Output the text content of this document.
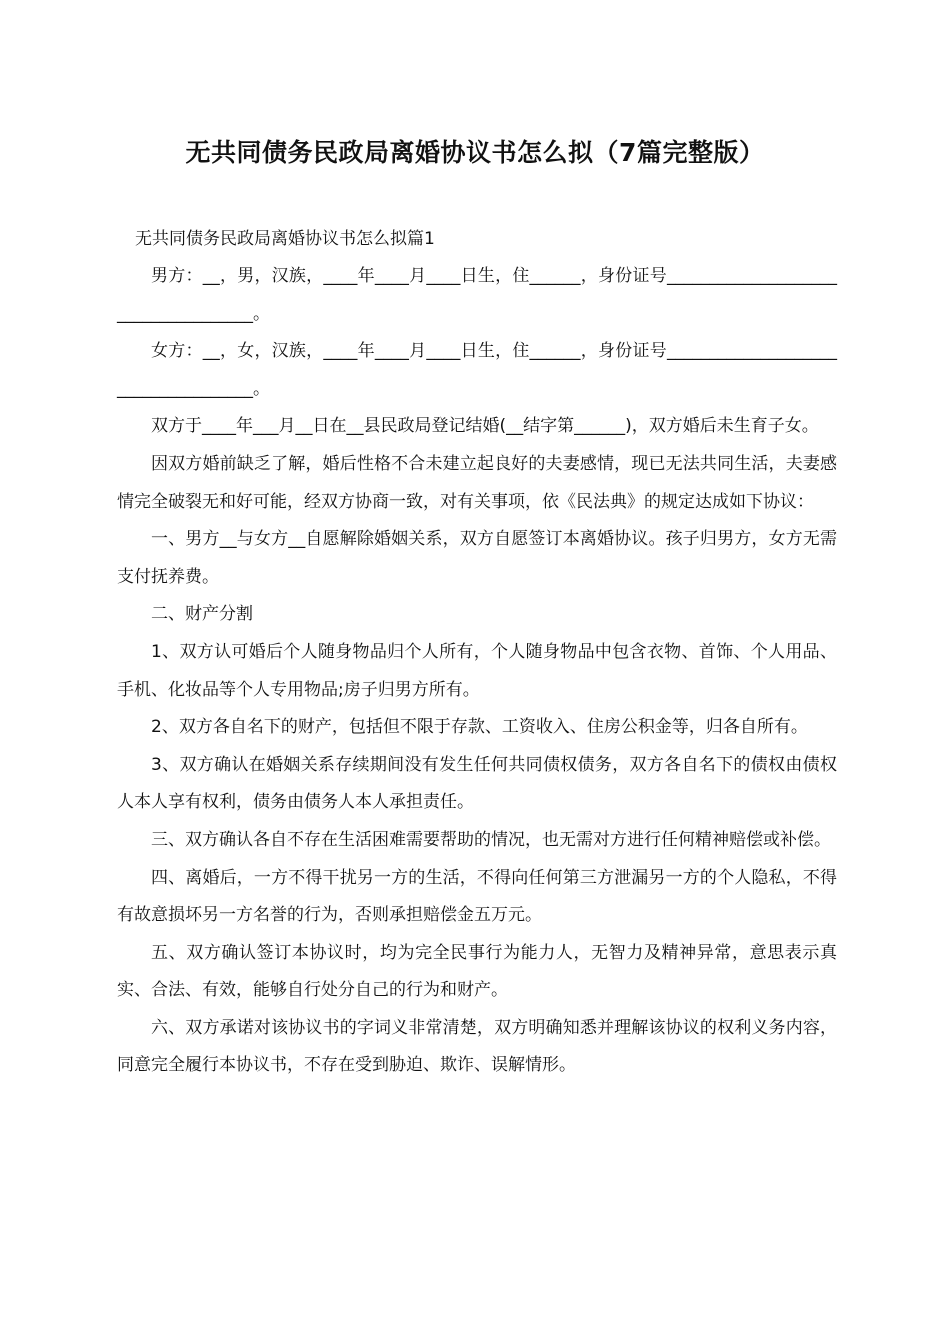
无共同债务民政局离婚协议书怎么拟（7篇完整版）
无共同债务民政局离婚协议书怎么拟篇1

男方：__，男，汉族，____年____月____日生，住______，身份证号____________________________________。

女方：__，女，汉族，____年____月____日生，住______，身份证号____________________________________。

双方于____年___月__日在__县民政局登记结婚(__结字第______)，双方婚后未生育子女。

因双方婚前缺乏了解，婚后性格不合未建立起良好的夫妻感情，现已无法共同生活，夫妻感情完全破裂无和好可能，经双方协商一致，对有关事项，依《民法典》的规定达成如下协议：

一、男方__与女方__自愿解除婚姻关系，双方自愿签订本离婚协议。孩子归男方，女方无需支付抚养费。

二、财产分割

1、双方认可婚后个人随身物品归个人所有，个人随身物品中包含衣物、首饰、个人用品、手机、化妆品等个人专用物品;房子归男方所有。

2、双方各自名下的财产，包括但不限于存款、工资收入、住房公积金等，归各自所有。

3、双方确认在婚姻关系存续期间没有发生任何共同债权债务，双方各自名下的债权由债权人本人享有权利，债务由债务人本人承担责任。

三、双方确认各自不存在生活困难需要帮助的情况，也无需对方进行任何精神赔偿或补偿。

四、离婚后，一方不得干扰另一方的生活，不得向任何第三方泄漏另一方的个人隐私，不得有故意损坏另一方名誉的行为，否则承担赔偿金五万元。

五、双方确认签订本协议时，均为完全民事行为能力人，无智力及精神异常，意思表示真实、合法、有效，能够自行处分自己的行为和财产。

六、双方承诺对该协议书的字词义非常清楚，双方明确知悉并理解该协议的权利义务内容，同意完全履行本协议书，不存在受到胁迫、欺诈、误解情形。
